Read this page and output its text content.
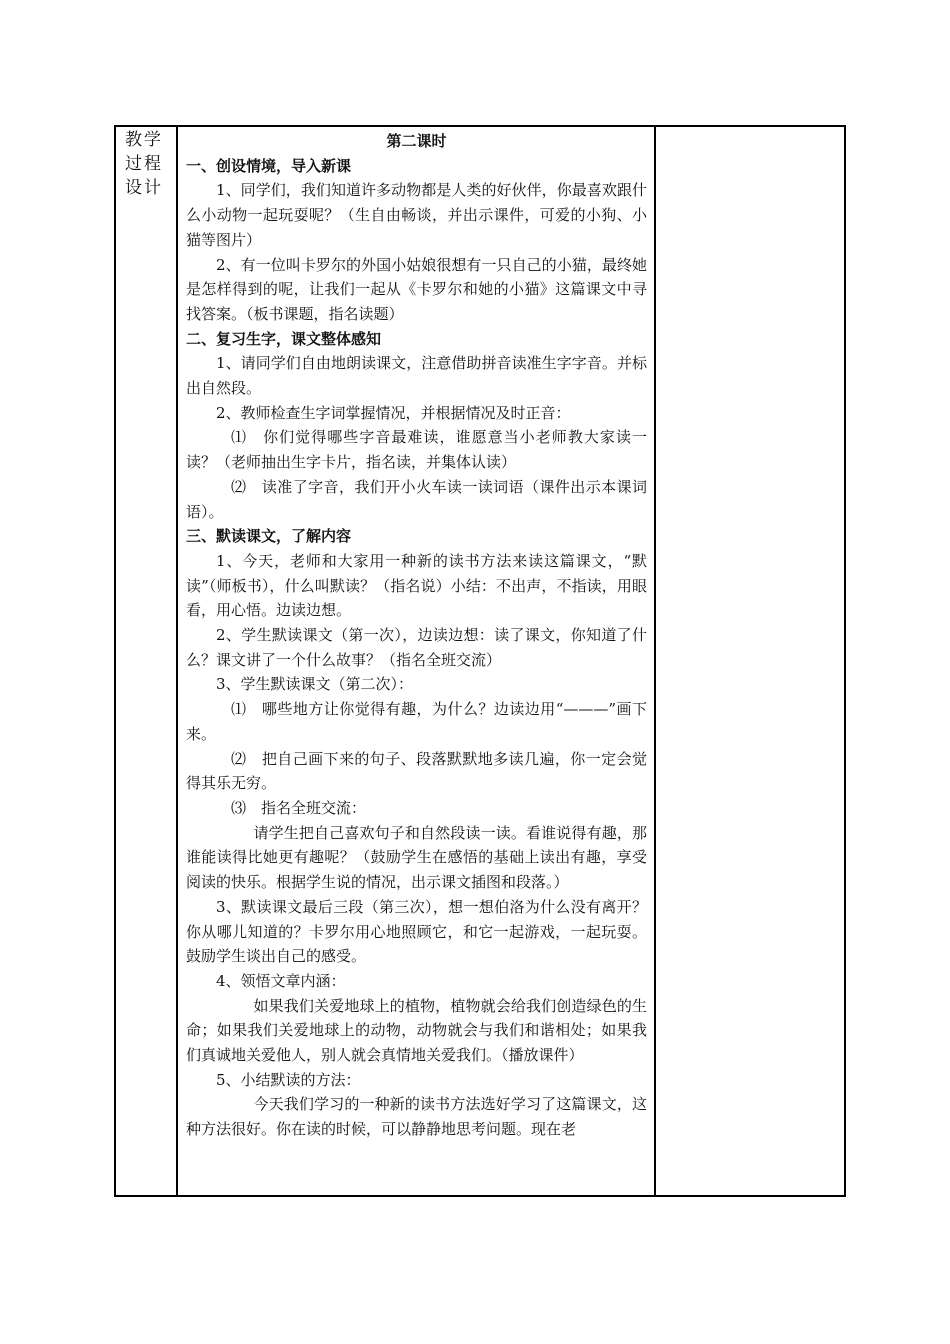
教学过程设计

第二课时

一、创设情境，导入新课

1、同学们，我们知道许多动物都是人类的好伙伴，你最喜欢跟什么小动物一起玩耍呢？（生自由畅谈，并出示课件，可爱的小狗、小猫等图片）

2、有一位叫卡罗尔的外国小姑娘很想有一只自己的小猫，最终她是怎样得到的呢，让我们一起从《卡罗尔和她的小猫》这篇课文中寻找答案。（板书课题，指名读题）

二、复习生字，课文整体感知

1、请同学们自由地朗读课文，注意借助拼音读准生字字音。并标出自然段。

2、教师检查生字词掌握情况，并根据情况及时正音：

⑴　你们觉得哪些字音最难读，谁愿意当小老师教大家读一读？（老师抽出生字卡片，指名读，并集体认读）

⑵　读准了字音，我们开小火车读一读词语（课件出示本课词语）。

三、默读课文，了解内容

1、今天，老师和大家用一种新的读书方法来读这篇课文，“默读”（师板书），什么叫默读？（指名说）小结：不出声，不指读，用眼看，用心悟。边读边想。

2、学生默读课文（第一次），边读边想：读了课文，你知道了什么？课文讲了一个什么故事？（指名全班交流）

3、学生默读课文（第二次）：

⑴　哪些地方让你觉得有趣，为什么？边读边用“———”画下来。

⑵　把自己画下来的句子、段落默默地多读几遍，你一定会觉得其乐无穷。

⑶　指名全班交流：

请学生把自己喜欢句子和自然段读一读。看谁说得有趣，那谁能读得比她更有趣呢？（鼓励学生在感悟的基础上读出有趣，享受阅读的快乐。根据学生说的情况，出示课文插图和段落。）

3、默读课文最后三段（第三次），想一想伯洛为什么没有离开？你从哪儿知道的？卡罗尔用心地照顾它，和它一起游戏，一起玩耍。鼓励学生谈出自己的感受。

4、领悟文章内涵：

如果我们关爱地球上的植物，植物就会给我们创造绿色的生命；如果我们关爱地球上的动物，动物就会与我们和谐相处；如果我们真诚地关爱他人，别人就会真情地关爱我们。（播放课件）

5、小结默读的方法：

今天我们学习的一种新的读书方法选好学习了这篇课文，这种方法很好。你在读的时候，可以静静地思考问题。现在老
